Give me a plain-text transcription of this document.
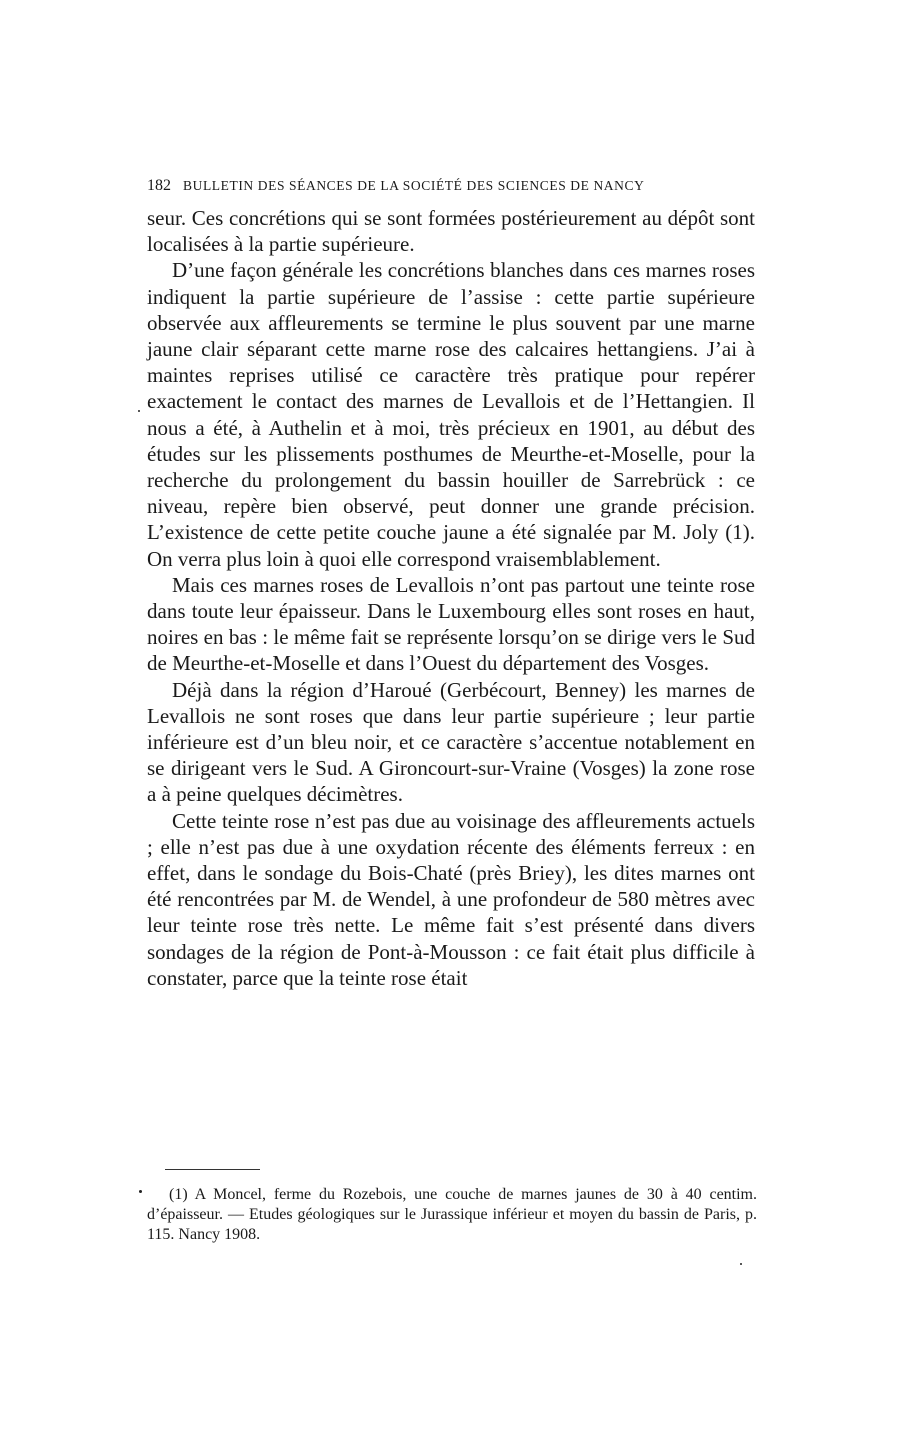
182 BULLETIN DES SÉANCES DE LA SOCIÉTÉ DES SCIENCES DE NANCY

seur. Ces concrétions qui se sont formées postérieurement au dépôt sont localisées à la partie supérieure.

D’une façon générale les concrétions blanches dans ces marnes roses indiquent la partie supérieure de l’assise : cette partie supérieure observée aux affleurements se termine le plus souvent par une marne jaune clair séparant cette marne rose des calcaires hettangiens. J’ai à maintes reprises utilisé ce caractère très pratique pour repérer exactement le contact des marnes de Levallois et de l’Hettangien. Il nous a été, à Authelin et à moi, très précieux en 1901, au début des études sur les plissements posthumes de Meurthe-et-Moselle, pour la recherche du prolongement du bassin houiller de Sarrebrück : ce niveau, repère bien observé, peut donner une grande précision. L’existence de cette petite couche jaune a été signalée par M. Joly (1). On verra plus loin à quoi elle correspond vraisemblablement.

Mais ces marnes roses de Levallois n’ont pas partout une teinte rose dans toute leur épaisseur. Dans le Luxembourg elles sont roses en haut, noires en bas : le même fait se représente lorsqu’on se dirige vers le Sud de Meurthe-et-Moselle et dans l’Ouest du département des Vosges.

Déjà dans la région d’Haroué (Gerbécourt, Benney) les marnes de Levallois ne sont roses que dans leur partie supérieure ; leur partie inférieure est d’un bleu noir, et ce caractère s’accentue notablement en se dirigeant vers le Sud. A Gironcourt-sur-Vraine (Vosges) la zone rose a à peine quelques décimètres.

Cette teinte rose n’est pas due au voisinage des affleurements actuels ; elle n’est pas due à une oxydation récente des éléments ferreux : en effet, dans le sondage du Bois-Chaté (près Briey), les dites marnes ont été rencontrées par M. de Wendel, à une profondeur de 580 mètres avec leur teinte rose très nette. Le même fait s’est présenté dans divers sondages de la région de Pont-à-Mousson : ce fait était plus difficile à constater, parce que la teinte rose était

(1) A Moncel, ferme du Rozebois, une couche de marnes jaunes de 30 à 40 centim. d’épaisseur. — Etudes géologiques sur le Jurassique inférieur et moyen du bassin de Paris, p. 115. Nancy 1908.
